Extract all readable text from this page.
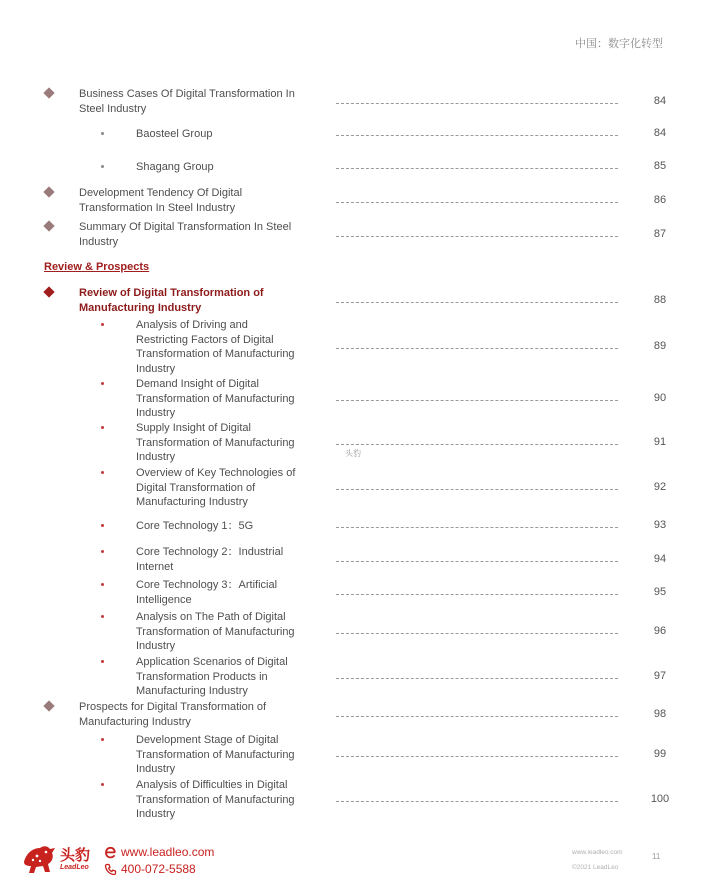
中国：数字化转型
Business Cases Of Digital Transformation In
Steel Industry
84
Baosteel Group	84
Shagang Group	85
Development Tendency Of Digital
Transformation In Steel Industry
86
Summary Of Digital Transformation In Steel
Industry
87
Review of Digital Transformation of
Manufacturing Industry
88
Analysis of Driving and
Restricting Factors of Digital
Transformation of Manufacturing
Industry
89
Demand Insight of Digital
Transformation of Manufacturing
Industry
90
Supply Insight of Digital
Transformation of Manufacturing
Industry
91
Overview of Key Technologies of
Digital Transformation of
Manufacturing Industry
92
Core Technology 1：5G	93
Core Technology 2：Industrial
Internet
94
Core Technology 3：Artificial
Intelligence
95
Analysis on The Path of Digital
Transformation of Manufacturing
Industry
96
Application Scenarios of Digital
Transformation Products in
Manufacturing Industry
97
Prospects for Digital Transformation of
Manufacturing Industry
98
Development Stage of Digital
Transformation of Manufacturing
Industry
99
Analysis of Difficulties in Digital
Transformation of Manufacturing
Industry
100
Review & Prospects
头豹
头豹
LeadLeo
www.leadleo.com
400-072-5588
www.leadleo.com
©2021 LeadLeo
11
